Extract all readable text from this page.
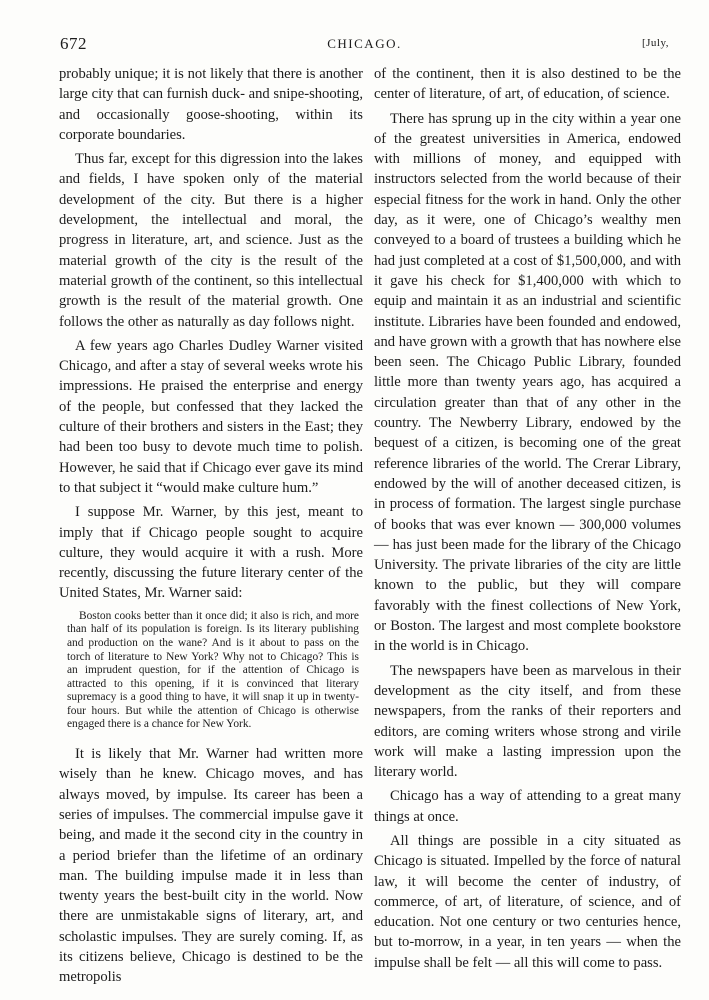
672	CHICAGO.	[July,

probably unique; it is not likely that there is another large city that can furnish duck- and snipe-shooting, and occasionally goose-shooting, within its corporate boundaries.

Thus far, except for this digression into the lakes and fields, I have spoken only of the material development of the city. But there is a higher development, the intellectual and moral, the progress in literature, art, and science. Just as the material growth of the city is the result of the material growth of the continent, so this intellectual growth is the result of the material growth. One follows the other as naturally as day follows night.

A few years ago Charles Dudley Warner visited Chicago, and after a stay of several weeks wrote his impressions. He praised the enterprise and energy of the people, but confessed that they lacked the culture of their brothers and sisters in the East; they had been too busy to devote much time to polish. However, he said that if Chicago ever gave its mind to that subject it “would make culture hum.”

I suppose Mr. Warner, by this jest, meant to imply that if Chicago people sought to acquire culture, they would acquire it with a rush. More recently, discussing the future literary center of the United States, Mr. Warner said:

Boston cooks better than it once did; it also is rich, and more than half of its population is foreign. Is its literary publishing and production on the wane? And is it about to pass on the torch of literature to New York? Why not to Chicago? This is an imprudent question, for if the attention of Chicago is attracted to this opening, if it is convinced that literary supremacy is a good thing to have, it will snap it up in twenty-four hours. But while the attention of Chicago is otherwise engaged there is a chance for New York.

It is likely that Mr. Warner had written more wisely than he knew. Chicago moves, and has always moved, by impulse. Its career has been a series of impulses. The commercial impulse gave it being, and made it the second city in the country in a period briefer than the lifetime of an ordinary man. The building impulse made it in less than twenty years the best-built city in the world. Now there are unmistakable signs of literary, art, and scholastic impulses. They are surely coming. If, as its citizens believe, Chicago is destined to be the metropolis

of the continent, then it is also destined to be the center of literature, of art, of education, of science.

There has sprung up in the city within a year one of the greatest universities in America, endowed with millions of money, and equipped with instructors selected from the world because of their especial fitness for the work in hand. Only the other day, as it were, one of Chicago’s wealthy men conveyed to a board of trustees a building which he had just completed at a cost of $1,500,000, and with it gave his check for $1,400,000 with which to equip and maintain it as an industrial and scientific institute. Libraries have been founded and endowed, and have grown with a growth that has nowhere else been seen. The Chicago Public Library, founded little more than twenty years ago, has acquired a circulation greater than that of any other in the country. The Newberry Library, endowed by the bequest of a citizen, is becoming one of the great reference libraries of the world. The Crerar Library, endowed by the will of another deceased citizen, is in process of formation. The largest single purchase of books that was ever known — 300,000 volumes — has just been made for the library of the Chicago University. The private libraries of the city are little known to the public, but they will compare favorably with the finest collections of New York, or Boston. The largest and most complete bookstore in the world is in Chicago.

The newspapers have been as marvelous in their development as the city itself, and from these newspapers, from the ranks of their reporters and editors, are coming writers whose strong and virile work will make a lasting impression upon the literary world.

Chicago has a way of attending to a great many things at once.

All things are possible in a city situated as Chicago is situated. Impelled by the force of natural law, it will become the center of industry, of commerce, of art, of literature, of science, and of education. Not one century or two centuries hence, but to-morrow, in a year, in ten years — when the impulse shall be felt — all this will come to pass.
